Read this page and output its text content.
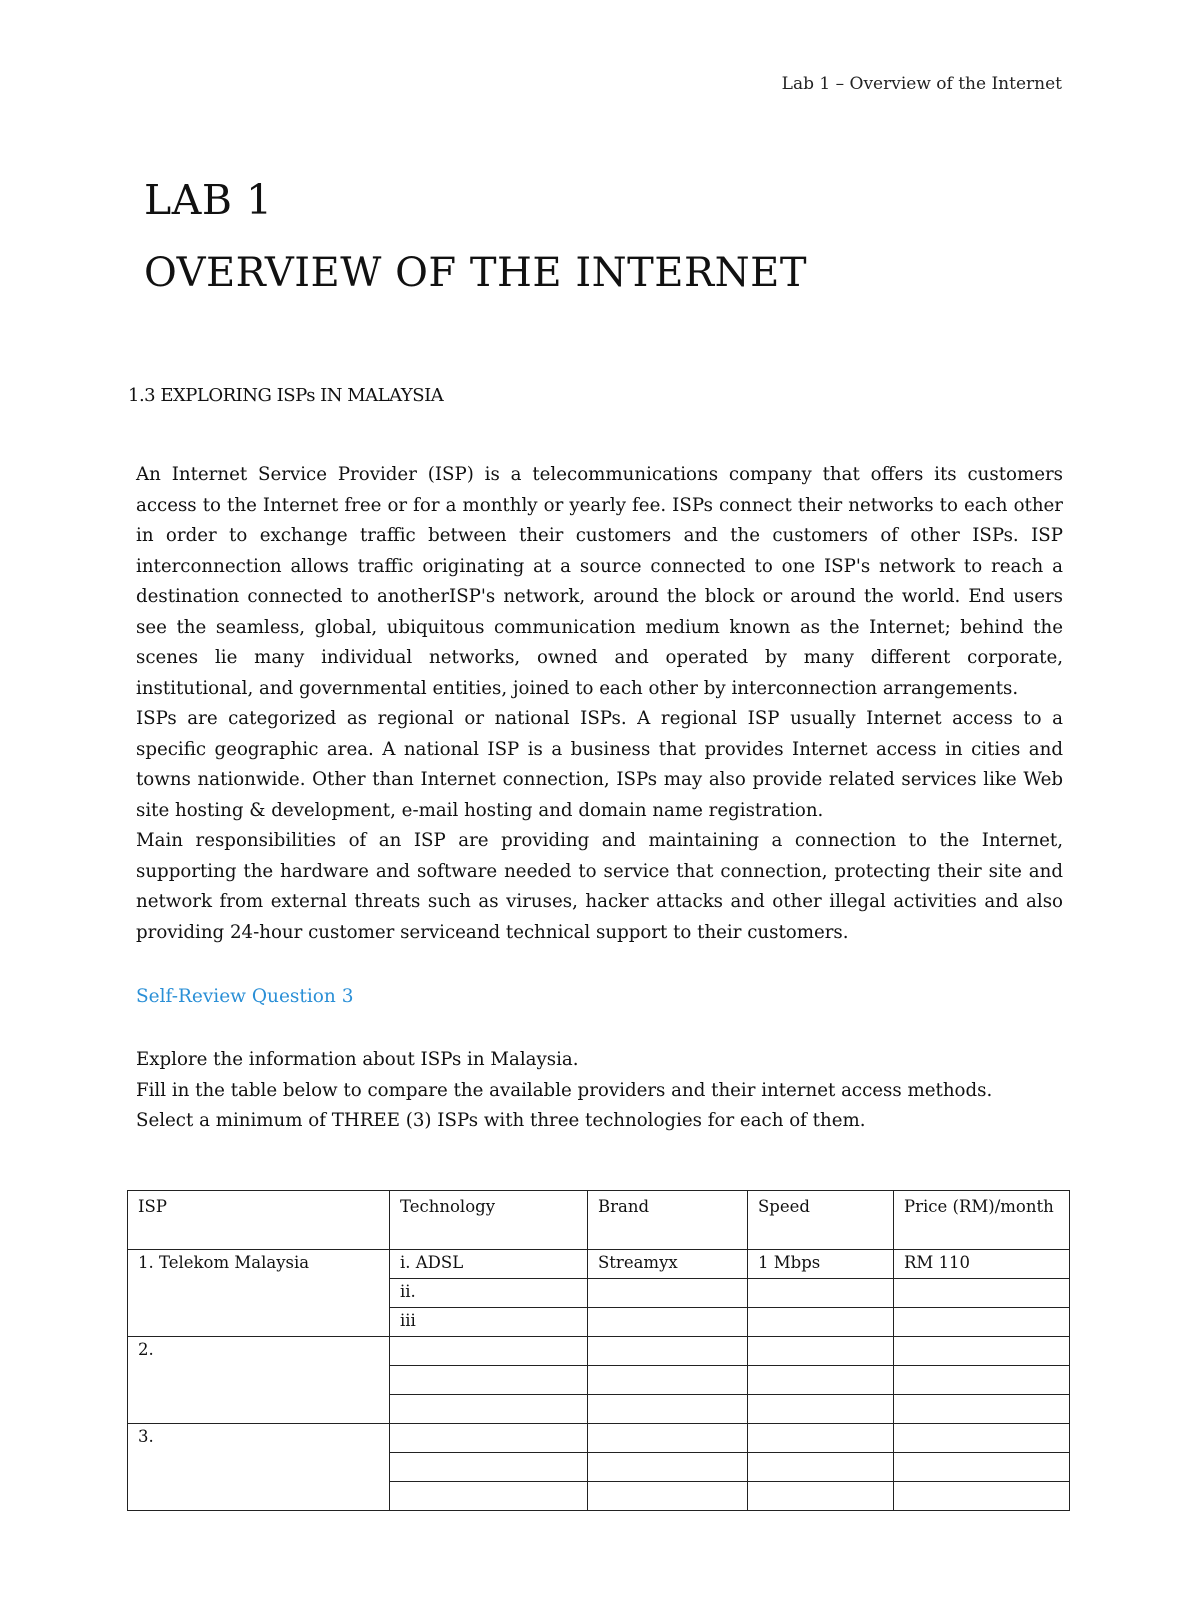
Lab 1 – Overview of the Internet
LAB 1
OVERVIEW OF THE INTERNET
1.3 EXPLORING ISPs IN MALAYSIA

An Internet Service Provider (ISP) is a telecommunications company that offers its customers access to the Internet free or for a monthly or yearly fee. ISPs connect their networks to each other in order to exchange traffic between their customers and the customers of other ISPs. ISP interconnection allows traffic originating at a source connected to one ISP's network to reach a destination connected to anotherISP's network, around the block or around the world. End users see the seamless, global, ubiquitous communication medium known as the Internet; behind the scenes lie many individual networks, owned and operated by many different corporate, institutional, and governmental entities, joined to each other by interconnection arrangements.

ISPs are categorized as regional or national ISPs. A regional ISP usually Internet access to a specific geographic area. A national ISP is a business that provides Internet access in cities and towns nationwide. Other than Internet connection, ISPs may also provide related services like Web site hosting & development, e-mail hosting and domain name registration.

Main responsibilities of an ISP are providing and maintaining a connection to the Internet, supporting the hardware and software needed to service that connection, protecting their site and network from external threats such as viruses, hacker attacks and other illegal activities and also providing 24-hour customer serviceand technical support to their customers.

Self-Review Question 3
Explore the information about ISPs in Malaysia.
Fill in the table below to compare the available providers and their internet access methods.
Select a minimum of THREE (3) ISPs with three technologies for each of them.
ISP	Technology	Brand	Speed	Price (RM)/month
1. Telekom Malaysia	i. ADSL	Streamyx	1 Mbps	RM 110
	ii.			
	iii			
2.				

3.				
